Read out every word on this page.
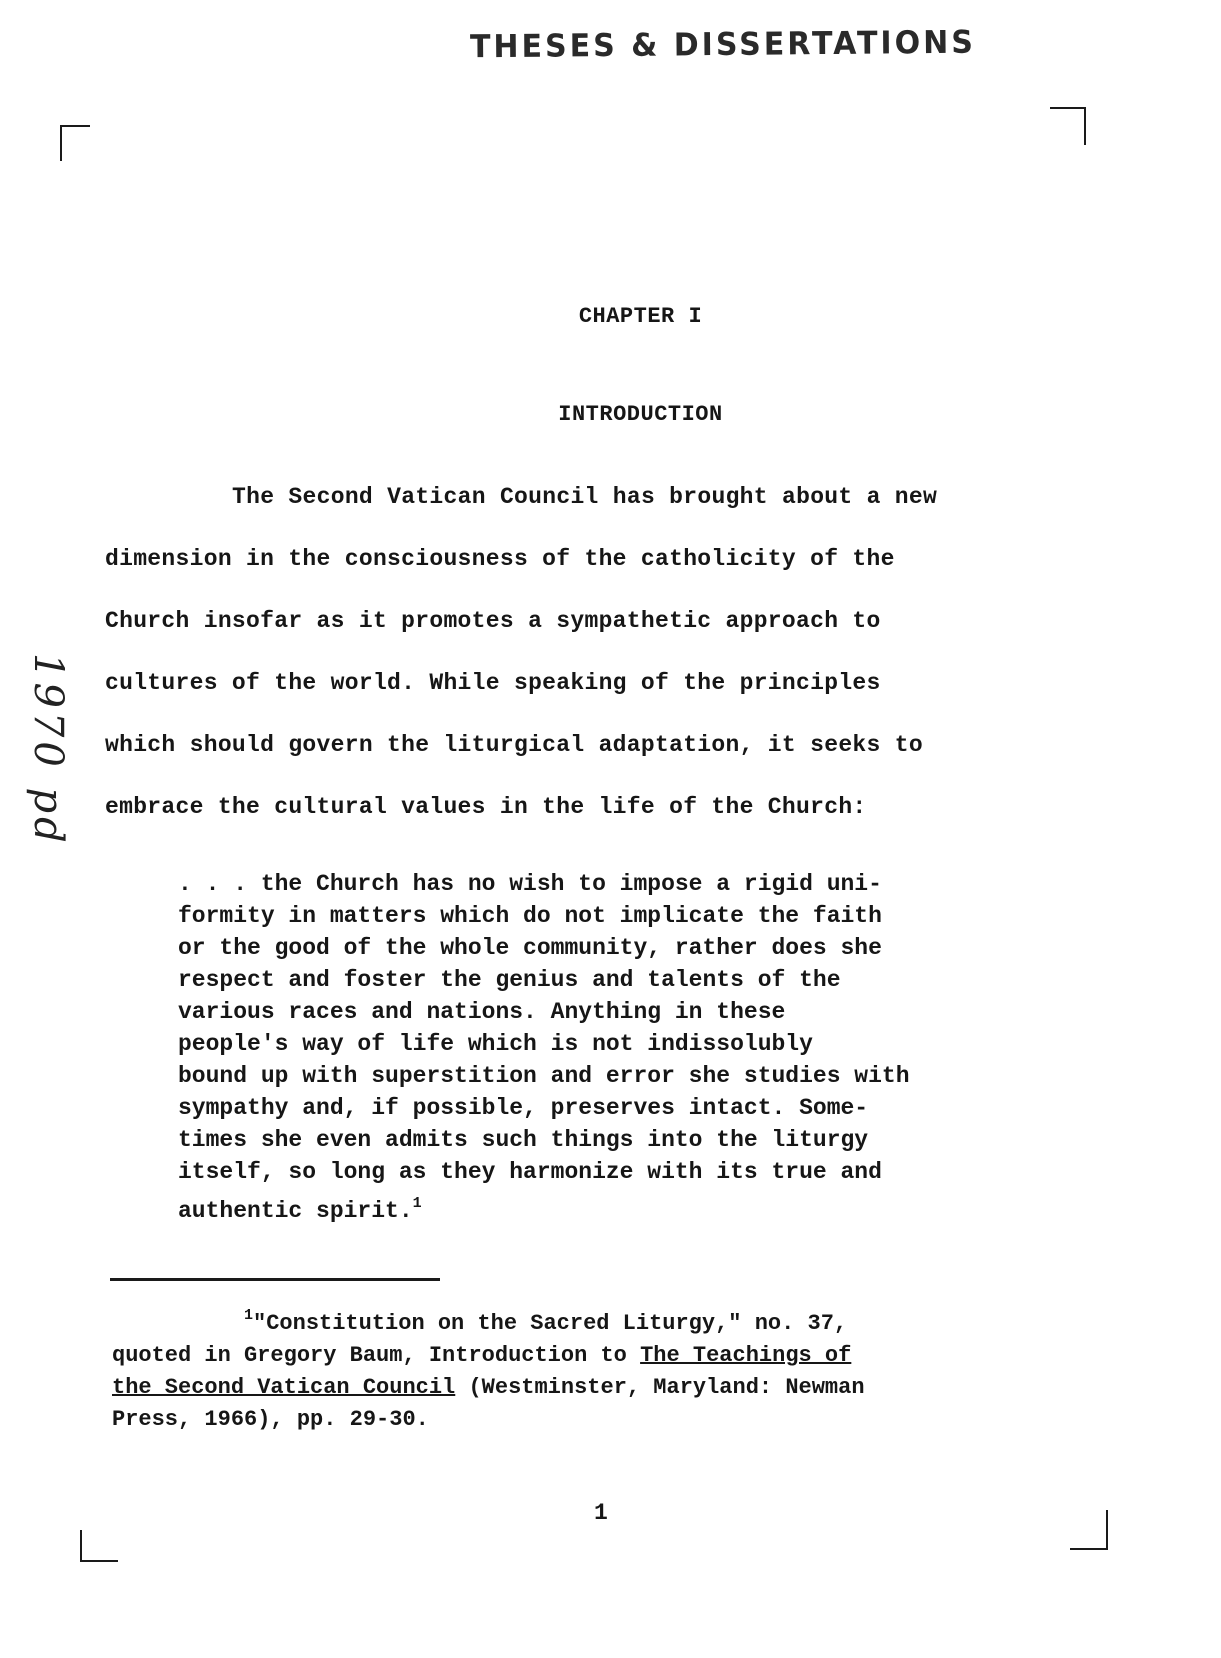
THESES & DISSERTATIONS
1970 pd
CHAPTER I
INTRODUCTION
The Second Vatican Council has brought about a new
dimension in the consciousness of the catholicity of the
Church insofar as it promotes a sympathetic approach to
cultures of the world. While speaking of the principles
which should govern the liturgical adaptation, it seeks to
embrace the cultural values in the life of the Church:
. . . the Church has no wish to impose a rigid uni-
formity in matters which do not implicate the faith
or the good of the whole community, rather does she
respect and foster the genius and talents of the
various races and nations. Anything in these
people's way of life which is not indissolubly
bound up with superstition and error she studies with
sympathy and, if possible, preserves intact. Some-
times she even admits such things into the liturgy
itself, so long as they harmonize with its true and
authentic spirit.$^1$
$^1$"Constitution on the Sacred Liturgy," no. 37,
quoted in Gregory Baum, Introduction to The Teachings of
the Second Vatican Council (Westminster, Maryland: Newman
Press, 1966), pp. 29-30.
1
